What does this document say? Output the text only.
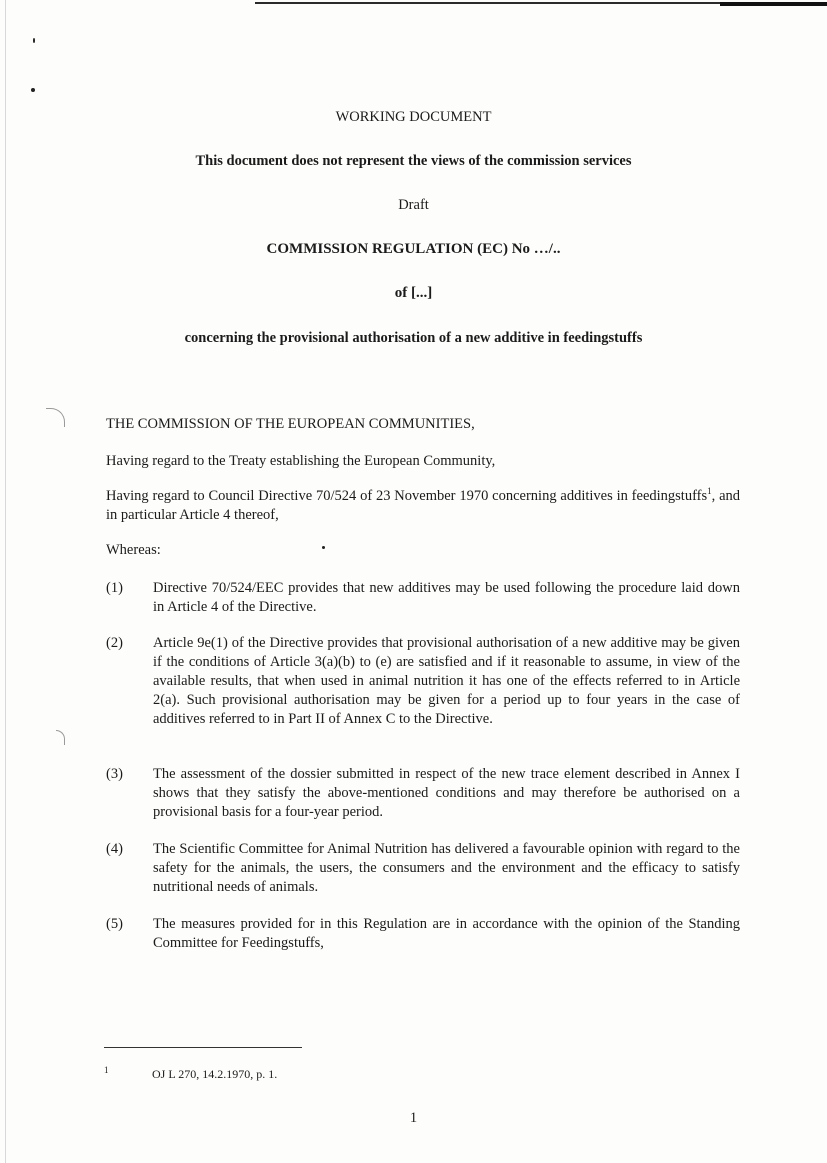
WORKING DOCUMENT
This document does not represent the views of the commission services
Draft
COMMISSION REGULATION (EC) No …/..
of [...]
concerning the provisional authorisation of a new additive in feedingstuffs
THE COMMISSION OF THE EUROPEAN COMMUNITIES,
Having regard to the Treaty establishing the European Community,
Having regard to Council Directive 70/524 of 23 November 1970 concerning additives in feedingstuffs$^1$, and in particular Article 4 thereof,
Whereas:
(1)	Directive 70/524/EEC provides that new additives may be used following the procedure laid down in Article 4 of the Directive.
(2)	Article 9e(1) of the Directive provides that provisional authorisation of a new additive may be given if the conditions of Article 3(a)(b) to (e) are satisfied and if it reasonable to assume, in view of the available results, that when used in animal nutrition it has one of the effects referred to in Article 2(a). Such provisional authorisation may be given for a period up to four years in the case of additives referred to in Part II of Annex C to the Directive.
(3)	The assessment of the dossier submitted in respect of the new trace element described in Annex I shows that they satisfy the above-mentioned conditions and may therefore be authorised on a provisional basis for a four-year period.
(4)	The Scientific Committee for Animal Nutrition has delivered a favourable opinion with regard to the safety for the animals, the users, the consumers and the environment and the efficacy to satisfy nutritional needs of animals.
(5)	The measures provided for in this Regulation are in accordance with the opinion of the Standing Committee for Feedingstuffs,
1	OJ L 270, 14.2.1970, p. 1.
1
